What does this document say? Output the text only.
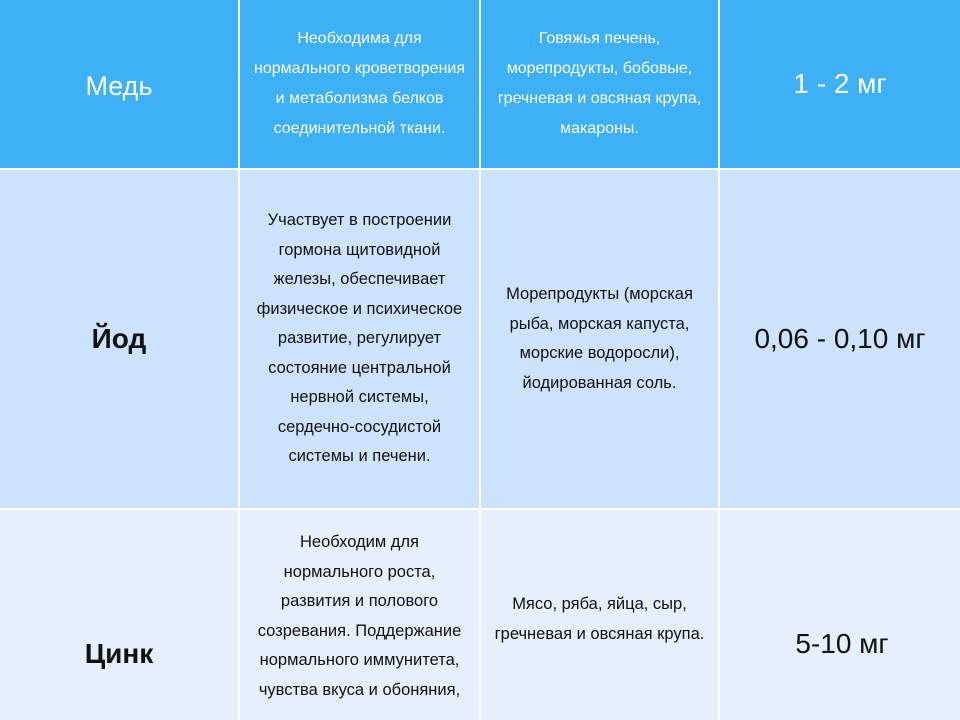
Медь
Необходима для нормального кроветворения и метаболизма белков соединительной ткани.
Говяжья печень, морепродукты, бобовые, гречневая и овсяная крупа, макароны.
1 - 2 мг
Йод
Участвует в построении гормона щитовидной железы, обеспечивает физическое и психическое развитие, регулирует состояние центральной нервной системы, сердечно-сосудистой системы и печени.
Морепродукты (морская рыба, морская капуста, морские водоросли), йодированная соль.
0,06 - 0,10 мг
Цинк
Необходим для нормального роста, развития и полового созревания. Поддержание нормального иммунитета, чувства вкуса и обоняния,
Мясо, ряба, яйца, сыр, гречневая и овсяная крупа.	5-10 мг
